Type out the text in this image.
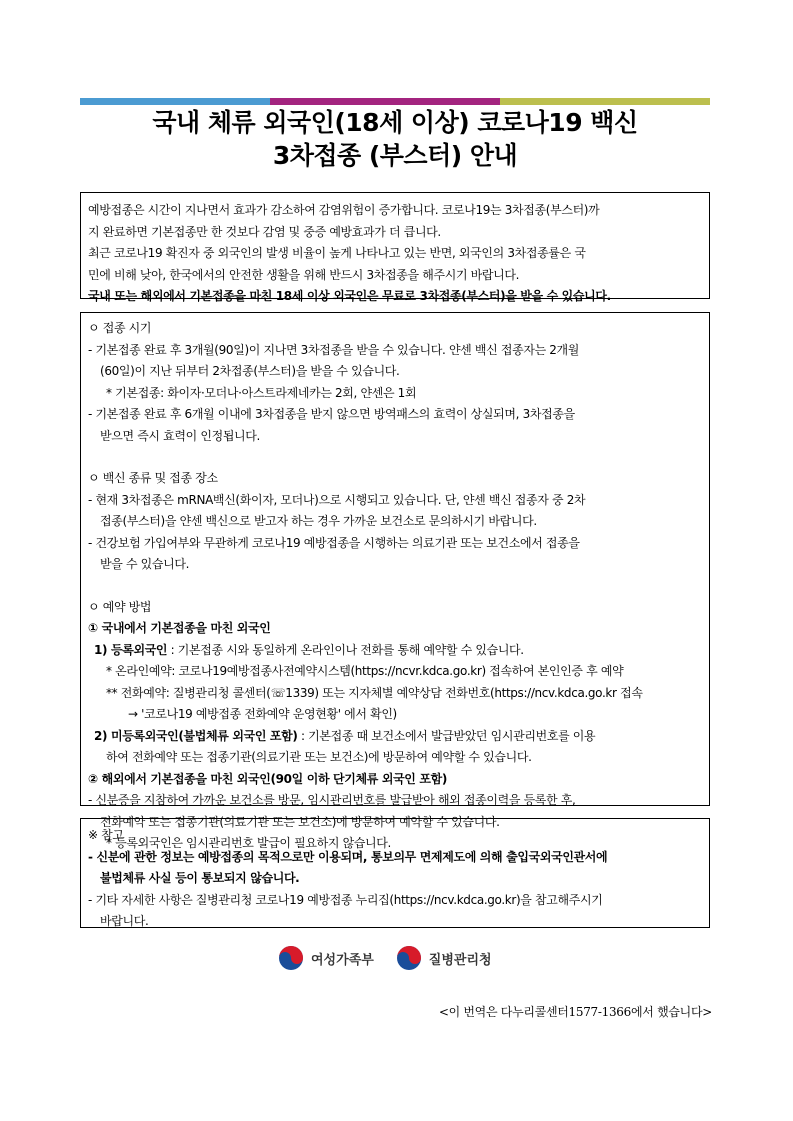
국내 체류 외국인(18세 이상) 코로나19 백신
3차접종 (부스터) 안내
예방접종은 시간이 지나면서 효과가 감소하여 감염위험이 증가합니다. 코로나19는 3차접종(부스터)까
지 완료하면 기본접종만 한 것보다 감염 및 중증 예방효과가 더 큽니다.
최근 코로나19 확진자 중 외국인의 발생 비율이 높게 나타나고 있는 반면, 외국인의 3차접종률은 국
민에 비해 낮아, 한국에서의 안전한 생활을 위해 반드시 3차접종을 해주시기 바랍니다.
국내 또는 해외에서 기본접종을 마친 18세 이상 외국인은 무료로 3차접종(부스터)을 받을 수 있습니다.
ㅇ 접종 시기
- 기본접종 완료 후 3개월(90일)이 지나면 3차접종을 받을 수 있습니다. 얀센 백신 접종자는 2개월
(60일)이 지난 뒤부터 2차접종(부스터)을 받을 수 있습니다.
* 기본접종: 화이자·모더나·아스트라제네카는 2회, 얀센은 1회
- 기본접종 완료 후 6개월 이내에 3차접종을 받지 않으면 방역패스의 효력이 상실되며, 3차접종을
받으면 즉시 효력이 인정됩니다.
ㅇ 백신 종류 및 접종 장소
- 현재 3차접종은 mRNA백신(화이자, 모더나)으로 시행되고 있습니다. 단, 얀센 백신 접종자 중 2차
접종(부스터)을 얀센 백신으로 받고자 하는 경우 가까운 보건소로 문의하시기 바랍니다.
- 건강보험 가입여부와 무관하게 코로나19 예방접종을 시행하는 의료기관 또는 보건소에서 접종을
받을 수 있습니다.
ㅇ 예약 방법
① 국내에서 기본접종을 마친 외국인
1) 등록외국인 : 기본접종 시와 동일하게 온라인이나 전화를 통해 예약할 수 있습니다.
* 온라인예약: 코로나19예방접종사전예약시스템(https://ncvr.kdca.go.kr) 접속하여 본인인증 후 예약
** 전화예약: 질병관리청 콜센터(☏1339) 또는 지자체별 예약상담 전화번호(https://ncv.kdca.go.kr 접속
→ '코로나19 예방접종 전화예약 운영현황' 에서 확인)
2) 미등록외국인(불법체류 외국인 포함) : 기본접종 때 보건소에서 발급받았던 임시관리번호를 이용
하여 전화예약 또는 접종기관(의료기관 또는 보건소)에 방문하여 예약할 수 있습니다.
② 해외에서 기본접종을 마친 외국인(90일 이하 단기체류 외국인 포함)
- 신분증을 지참하여 가까운 보건소를 방문, 임시관리번호를 발급받아 해외 접종이력을 등록한 후,
전화예약 또는 접종기관(의료기관 또는 보건소)에 방문하여 예약할 수 있습니다.
* 등록외국인은 임시관리번호 발급이 필요하지 않습니다.
※ 참고
- 신분에 관한 정보는 예방접종의 목적으로만 이용되며, 통보의무 면제제도에 의해 출입국외국인관서에
불법체류 사실 등이 통보되지 않습니다.
- 기타 자세한 사항은 질병관리청 코로나19 예방접종 누리집(https://ncv.kdca.go.kr)을 참고해주시기
바랍니다.
여성가족부	질병관리청
<이 번역은 다누리콜센터1577-1366에서 했습니다>
